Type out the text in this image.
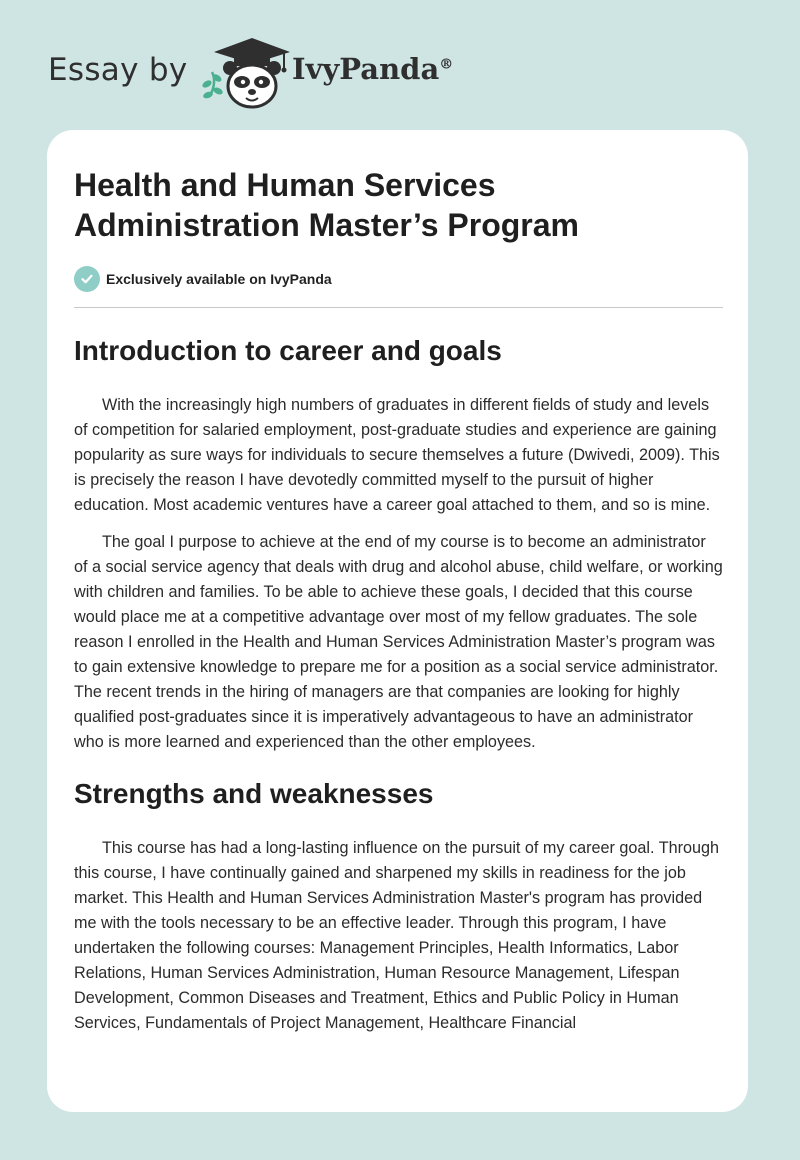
Essay by	IvyPanda®
Health and Human Services
Administration Master’s Program
Exclusively available on IvyPanda
Introduction to career and goals

With the increasingly high numbers of graduates in different fields of study and levels of competition for salaried employment, post-graduate studies and experience are gaining popularity as sure ways for individuals to secure themselves a future (Dwivedi, 2009). This is precisely the reason I have devotedly committed myself to the pursuit of higher education. Most academic ventures have a career goal attached to them, and so is mine.

The goal I purpose to achieve at the end of my course is to become an administrator of a social service agency that deals with drug and alcohol abuse, child welfare, or working with children and families. To be able to achieve these goals, I decided that this course would place me at a competitive advantage over most of my fellow graduates. The sole reason I enrolled in the Health and Human Services Administration Master’s program was to gain extensive knowledge to prepare me for a position as a social service administrator. The recent trends in the hiring of managers are that companies are looking for highly qualified post-graduates since it is imperatively advantageous to have an administrator who is more learned and experienced than the other employees.

Strengths and weaknesses

This course has had a long-lasting influence on the pursuit of my career goal. Through this course, I have continually gained and sharpened my skills in readiness for the job market. This Health and Human Services Administration Master's program has provided me with the tools necessary to be an effective leader. Through this program, I have undertaken the following courses: Management Principles, Health Informatics, Labor Relations, Human Services Administration, Human Resource Management, Lifespan Development, Common Diseases and Treatment, Ethics and Public Policy in Human Services, Fundamentals of Project Management, Healthcare Financial
